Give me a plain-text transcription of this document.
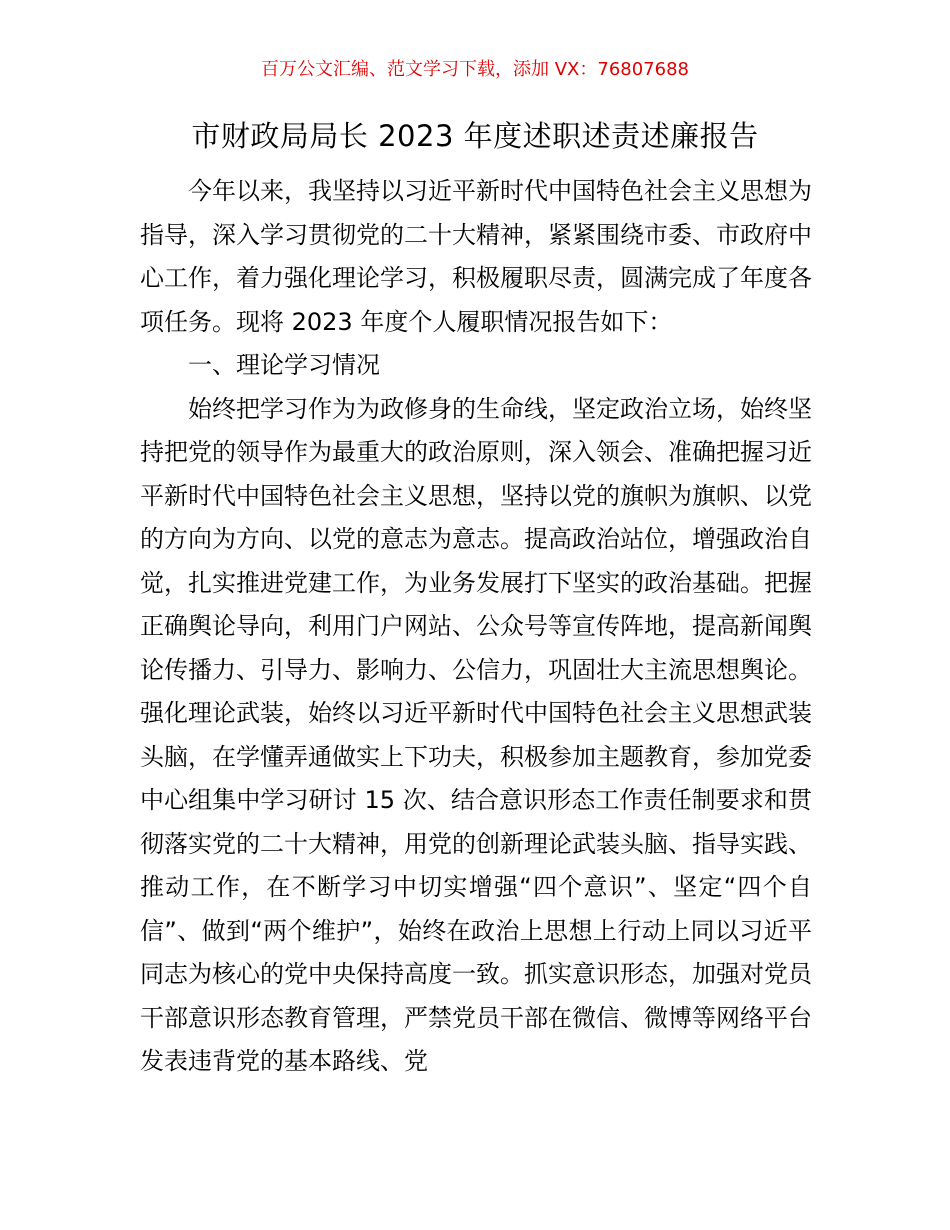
百万公文汇编、范文学习下载，添加 VX：76807688
市财政局局长 2023 年度述职述责述廉报告

今年以来，我坚持以习近平新时代中国特色社会主义思想为指导，深入学习贯彻党的二十大精神，紧紧围绕市委、市政府中心工作，着力强化理论学习，积极履职尽责，圆满完成了年度各项任务。现将 2023 年度个人履职情况报告如下：

一、理论学习情况

始终把学习作为为政修身的生命线，坚定政治立场，始终坚持把党的领导作为最重大的政治原则，深入领会、准确把握习近平新时代中国特色社会主义思想，坚持以党的旗帜为旗帜、以党的方向为方向、以党的意志为意志。提高政治站位，增强政治自觉，扎实推进党建工作，为业务发展打下坚实的政治基础。把握正确舆论导向，利用门户网站、公众号等宣传阵地，提高新闻舆论传播力、引导力、影响力、公信力，巩固壮大主流思想舆论。强化理论武装，始终以习近平新时代中国特色社会主义思想武装头脑，在学懂弄通做实上下功夫，积极参加主题教育，参加党委中心组集中学习研讨 15 次、结合意识形态工作责任制要求和贯彻落实党的二十大精神，用党的创新理论武装头脑、指导实践、推动工作，在不断学习中切实增强“四个意识”、坚定“四个自信”、做到“两个维护”，始终在政治上思想上行动上同以习近平同志为核心的党中央保持高度一致。抓实意识形态，加强对党员干部意识形态教育管理，严禁党员干部在微信、微博等网络平台发表违背党的基本路线、党
